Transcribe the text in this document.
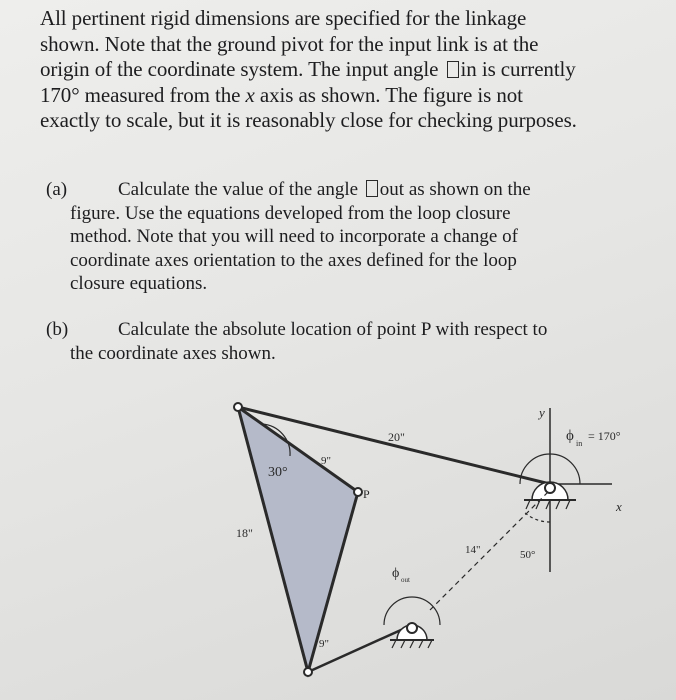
All pertinent rigid dimensions are specified for the linkage
shown. Note that the ground pivot for the input link is at the
origin of the coordinate system. The input angle in is currently
170° measured from the x axis as shown. The figure is not
exactly to scale, but it is reasonably close for checking purposes.
(a)	Calculate the value of the angle out as shown on the
figure. Use the equations developed from the loop closure
method. Note that you will need to incorporate a change of
coordinate axes orientation to the axes defined for the loop
closure equations.
(b)	Calculate the absolute location of point P with respect to
the coordinate axes shown.
20"
9"
30°
P
18"
9"
14"	50°
y
x
ϕ in
= 170°
ϕ out
